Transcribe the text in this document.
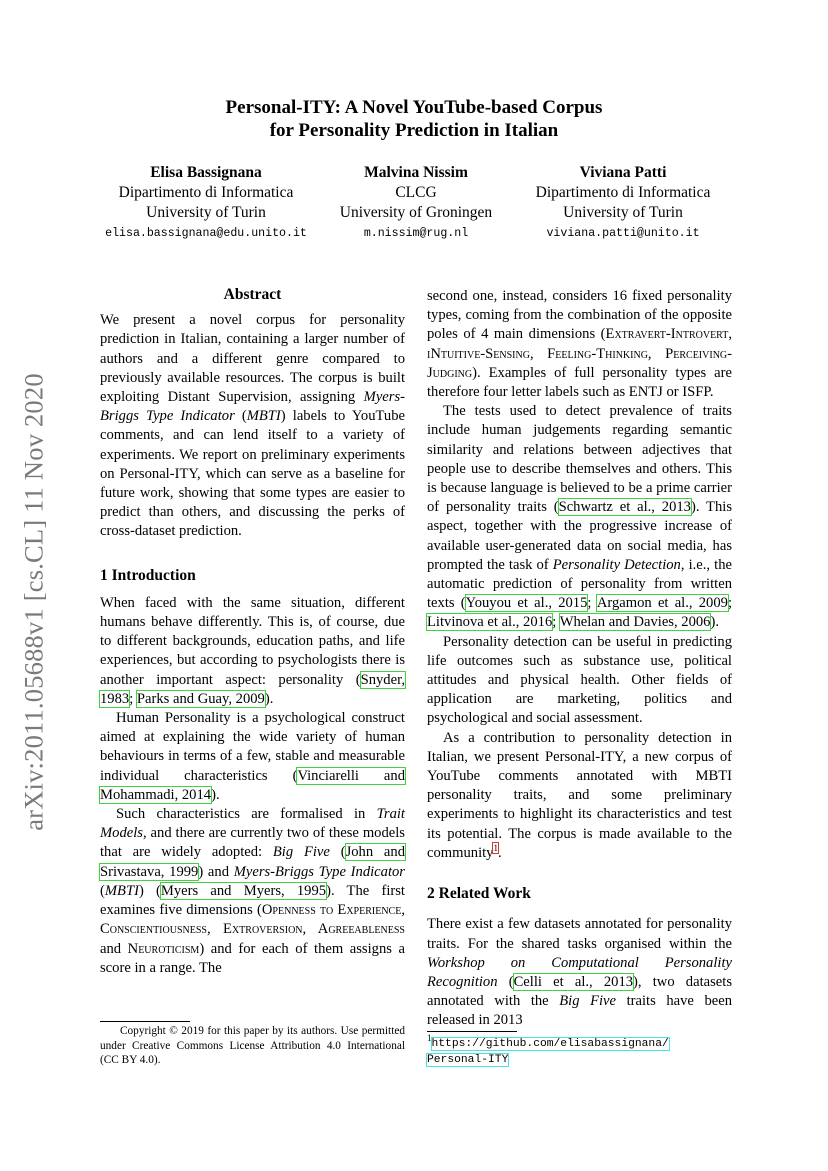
arXiv:2011.05688v1 [cs.CL] 11 Nov 2020
Personal-ITY: A Novel YouTube-based Corpus
for Personality Prediction in Italian
Elisa Bassignana
Dipartimento di Informatica
University of Turin
elisa.bassignana@edu.unito.it
Malvina Nissim
CLCG
University of Groningen
m.nissim@rug.nl
Viviana Patti
Dipartimento di Informatica
University of Turin
viviana.patti@unito.it
Abstract

We present a novel corpus for personality prediction in Italian, containing a larger number of authors and a different genre compared to previously available resources. The corpus is built exploiting Distant Supervision, assigning Myers-Briggs Type Indicator (MBTI) labels to YouTube comments, and can lend itself to a variety of experiments. We report on preliminary experiments on Personal-ITY, which can serve as a baseline for future work, showing that some types are easier to predict than others, and discussing the perks of cross-dataset prediction.

1 Introduction

When faced with the same situation, different humans behave differently. This is, of course, due to different backgrounds, education paths, and life experiences, but according to psychologists there is another important aspect: personality (Snyder, 1983; Parks and Guay, 2009).

Human Personality is a psychological construct aimed at explaining the wide variety of human behaviours in terms of a few, stable and measurable individual characteristics (Vinciarelli and Mohammadi, 2014).

Such characteristics are formalised in Trait Models, and there are currently two of these models that are widely adopted: Big Five (John and Srivastava, 1999) and Myers-Briggs Type Indicator (MBTI) (Myers and Myers, 1995). The first examines five dimensions (Openness to Experience, Conscientiousness, Extroversion, Agreeableness and Neuroticism) and for each of them assigns a score in a range. The

Copyright © 2019 for this paper by its authors. Use permitted under Creative Commons License Attribution 4.0 International (CC BY 4.0).

second one, instead, considers 16 fixed personality types, coming from the combination of the opposite poles of 4 main dimensions (Extravert-Introvert, iNtuitive-Sensing, Feeling-Thinking, Perceiving-Judging). Examples of full personality types are therefore four letter labels such as ENTJ or ISFP.

The tests used to detect prevalence of traits include human judgements regarding semantic similarity and relations between adjectives that people use to describe themselves and others. This is because language is believed to be a prime carrier of personality traits (Schwartz et al., 2013). This aspect, together with the progressive increase of available user-generated data on social media, has prompted the task of Personality Detection, i.e., the automatic prediction of personality from written texts (Youyou et al., 2015; Argamon et al., 2009; Litvinova et al., 2016; Whelan and Davies, 2006).

Personality detection can be useful in predicting life outcomes such as substance use, political attitudes and physical health. Other fields of application are marketing, politics and psychological and social assessment.

As a contribution to personality detection in Italian, we present Personal-ITY, a new corpus of YouTube comments annotated with MBTI personality traits, and some preliminary experiments to highlight its characteristics and test its potential. The corpus is made available to the community$^1$.

2 Related Work

There exist a few datasets annotated for personality traits. For the shared tasks organised within the Workshop on Computational Personality Recognition (Celli et al., 2013), two datasets annotated with the Big Five traits have been released in 2013

$^1$https://github.com/elisabassignana/
Personal-ITY
